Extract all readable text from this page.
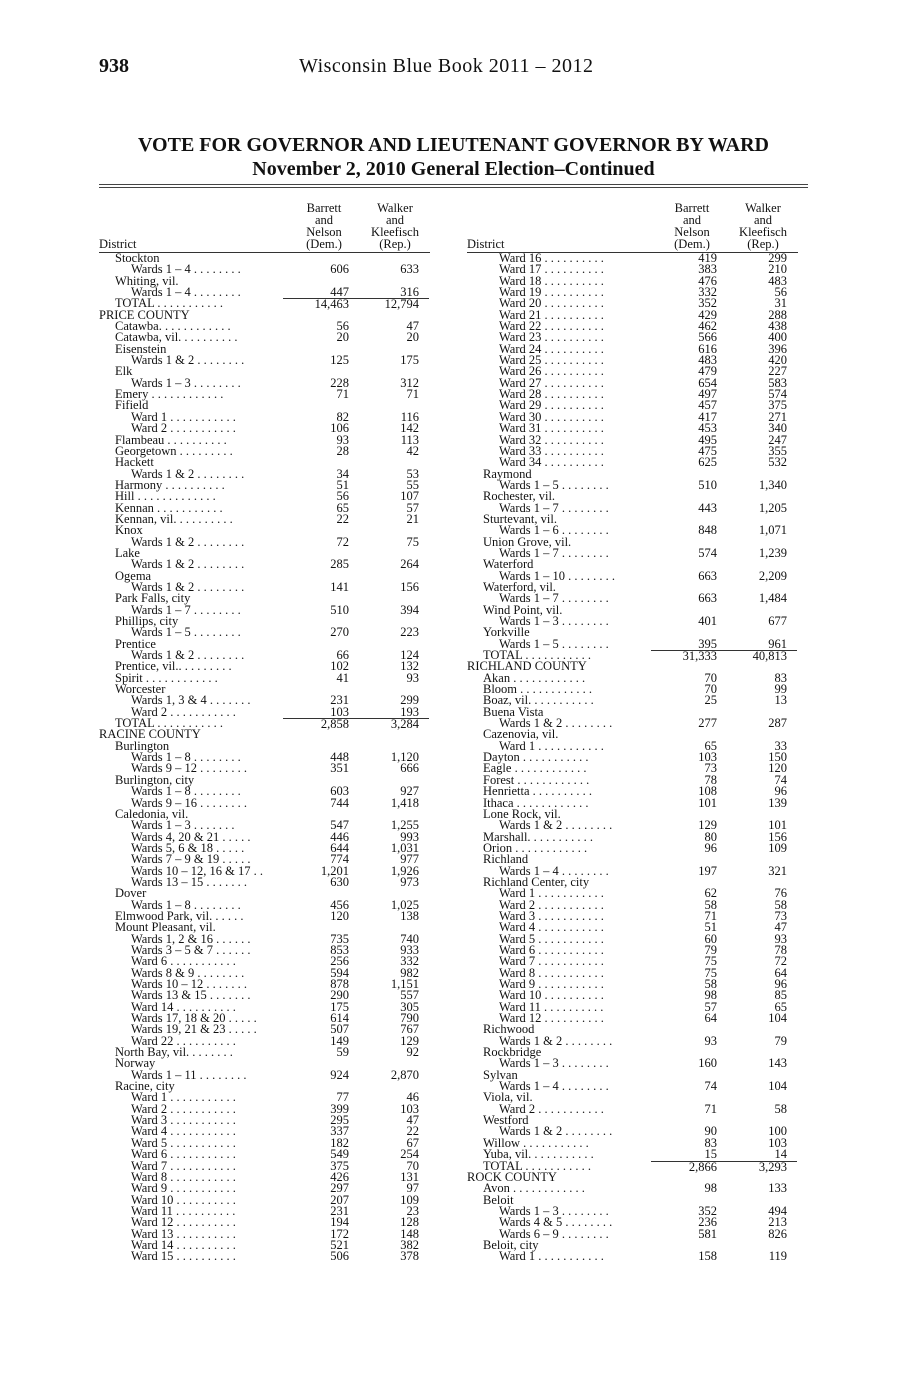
938	Wisconsin Blue Book 2011 – 2012
VOTE FOR GOVERNOR AND LIEUTENANT GOVERNOR BY WARD
November 2, 2010 General Election–Continued
District
Barrett
and
Nelson
(Dem.)
Walker
and
Kleefisch
(Rep.)
Stockton
Wards 1 – 4 . . . . . . . .	606	633
Whiting, vil.
Wards 1 – 4 . . . . . . . .	447	316
TOTAL . . . . . . . . . . .	14,463	12,794
PRICE COUNTY
Catawba. . . . . . . . . . . .	56	47
Catawba, vil. . . . . . . . . .	20	20
Eisenstein
Wards 1 & 2 . . . . . . . .	125	175
Elk
Wards 1 – 3 . . . . . . . .	228	312
Emery . . . . . . . . . . . .	71	71
Fifield
Ward 1 . . . . . . . . . . .	82	116
Ward 2 . . . . . . . . . . .	106	142
Flambeau . . . . . . . . . .	93	113
Georgetown . . . . . . . . .	28	42
Hackett
Wards 1 & 2 . . . . . . . .	34	53
Harmony . . . . . . . . . .	51	55
Hill . . . . . . . . . . . . .	56	107
Kennan . . . . . . . . . . .	65	57
Kennan, vil. . . . . . . . . .	22	21
Knox
Wards 1 & 2 . . . . . . . .	72	75
Lake
Wards 1 & 2 . . . . . . . .	285	264
Ogema
Wards 1 & 2 . . . . . . . .	141	156
Park Falls, city
Wards 1 – 7 . . . . . . . .	510	394
Phillips, city
Wards 1 – 5 . . . . . . . .	270	223
Prentice
Wards 1 & 2 . . . . . . . .	66	124
Prentice, vil.. . . . . . . . .	102	132
Spirit . . . . . . . . . . . .	41	93
Worcester
Wards 1, 3 & 4 . . . . . . .	231	299
Ward 2 . . . . . . . . . . .	103	193
TOTAL . . . . . . . . . . .	2,858	3,284
RACINE COUNTY
Burlington
Wards 1 – 8 . . . . . . . .	448	1,120
Wards 9 – 12 . . . . . . . .	351	666
Burlington, city
Wards 1 – 8 . . . . . . . .	603	927
Wards 9 – 16 . . . . . . . .	744	1,418
Caledonia, vil.
Wards 1 – 3 . . . . . . .	547	1,255
Wards 4, 20 & 21 . . . . .	446	993
Wards 5, 6 & 18 . . . . .	644	1,031
Wards 7 – 9 & 19 . . . . .	774	977
Wards 10 – 12, 16 & 17 . .	1,201	1,926
Wards 13 – 15 . . . . . . .	630	973
Dover
Wards 1 – 8 . . . . . . . .	456	1,025
Elmwood Park, vil. . . . . .	120	138
Mount Pleasant, vil.
Wards 1, 2 & 16 . . . . . .	735	740
Wards 3 – 5 & 7 . . . . . .	853	933
Ward 6 . . . . . . . . . . .	256	332
Wards 8 & 9 . . . . . . . .	594	982
Wards 10 – 12 . . . . . . .	878	1,151
Wards 13 & 15 . . . . . . .	290	557
Ward 14 . . . . . . . . . .	175	305
Wards 17, 18 & 20 . . . . .	614	790
Wards 19, 21 & 23 . . . . .	507	767
Ward 22 . . . . . . . . . .	149	129
North Bay, vil. . . . . . . .	59	92
Norway
Wards 1 – 11 . . . . . . . .	924	2,870
Racine, city
Ward 1 . . . . . . . . . . .	77	46
Ward 2 . . . . . . . . . . .	399	103
Ward 3 . . . . . . . . . . .	295	47
Ward 4 . . . . . . . . . . .	337	22
Ward 5 . . . . . . . . . . .	182	67
Ward 6 . . . . . . . . . . .	549	254
Ward 7 . . . . . . . . . . .	375	70
Ward 8 . . . . . . . . . . .	426	131
Ward 9 . . . . . . . . . . .	297	97
Ward 10 . . . . . . . . . .	207	109
Ward 11 . . . . . . . . . .	231	23
Ward 12 . . . . . . . . . .	194	128
Ward 13 . . . . . . . . . .	172	148
Ward 14 . . . . . . . . . .	521	382
Ward 15 . . . . . . . . . .	506	378
District
Barrett
and
Nelson
(Dem.)
Walker
and
Kleefisch
(Rep.)
Ward 16 . . . . . . . . . .	419	299
Ward 17 . . . . . . . . . .	383	210
Ward 18 . . . . . . . . . .	476	483
Ward 19 . . . . . . . . . .	332	56
Ward 20 . . . . . . . . . .	352	31
Ward 21 . . . . . . . . . .	429	288
Ward 22 . . . . . . . . . .	462	438
Ward 23 . . . . . . . . . .	566	400
Ward 24 . . . . . . . . . .	616	396
Ward 25 . . . . . . . . . .	483	420
Ward 26 . . . . . . . . . .	479	227
Ward 27 . . . . . . . . . .	654	583
Ward 28 . . . . . . . . . .	497	574
Ward 29 . . . . . . . . . .	457	375
Ward 30 . . . . . . . . . .	417	271
Ward 31 . . . . . . . . . .	453	340
Ward 32 . . . . . . . . . .	495	247
Ward 33 . . . . . . . . . .	475	355
Ward 34 . . . . . . . . . .	625	532
Raymond
Wards 1 – 5 . . . . . . . .	510	1,340
Rochester, vil.
Wards 1 – 7 . . . . . . . .	443	1,205
Sturtevant, vil.
Wards 1 – 6 . . . . . . . .	848	1,071
Union Grove, vil.
Wards 1 – 7 . . . . . . . .	574	1,239
Waterford
Wards 1 – 10 . . . . . . . .	663	2,209
Waterford, vil.
Wards 1 – 7 . . . . . . . .	663	1,484
Wind Point, vil.
Wards 1 – 3 . . . . . . . .	401	677
Yorkville
Wards 1 – 5 . . . . . . . .	395	961
TOTAL . . . . . . . . . . .	31,333	40,813
RICHLAND COUNTY
Akan . . . . . . . . . . . .	70	83
Bloom . . . . . . . . . . . .	70	99
Boaz, vil. . . . . . . . . . .	25	13
Buena Vista
Wards 1 & 2 . . . . . . . .	277	287
Cazenovia, vil.
Ward 1 . . . . . . . . . . .	65	33
Dayton . . . . . . . . . . .	103	150
Eagle . . . . . . . . . . . .	73	120
Forest . . . . . . . . . . . .	78	74
Henrietta . . . . . . . . . .	108	96
Ithaca . . . . . . . . . . . .	101	139
Lone Rock, vil.
Wards 1 & 2 . . . . . . . .	129	101
Marshall. . . . . . . . . . .	80	156
Orion . . . . . . . . . . . .	96	109
Richland
Wards 1 – 4 . . . . . . . .	197	321
Richland Center, city
Ward 1 . . . . . . . . . . .	62	76
Ward 2 . . . . . . . . . . .	58	58
Ward 3 . . . . . . . . . . .	71	73
Ward 4 . . . . . . . . . . .	51	47
Ward 5 . . . . . . . . . . .	60	93
Ward 6 . . . . . . . . . . .	79	78
Ward 7 . . . . . . . . . . .	75	72
Ward 8 . . . . . . . . . . .	75	64
Ward 9 . . . . . . . . . . .	58	96
Ward 10 . . . . . . . . . .	98	85
Ward 11 . . . . . . . . . .	57	65
Ward 12 . . . . . . . . . .	64	104
Richwood
Wards 1 & 2 . . . . . . . .	93	79
Rockbridge
Wards 1 – 3 . . . . . . . .	160	143
Sylvan
Wards 1 – 4 . . . . . . . .	74	104
Viola, vil.
Ward 2 . . . . . . . . . . .	71	58
Westford
Wards 1 & 2 . . . . . . . .	90	100
Willow . . . . . . . . . . .	83	103
Yuba, vil. . . . . . . . . . .	15	14
TOTAL . . . . . . . . . . .	2,866	3,293
ROCK COUNTY
Avon . . . . . . . . . . . .	98	133
Beloit
Wards 1 – 3 . . . . . . . .	352	494
Wards 4 & 5 . . . . . . . .	236	213
Wards 6 – 9 . . . . . . . .	581	826
Beloit, city
Ward 1 . . . . . . . . . . .	158	119
